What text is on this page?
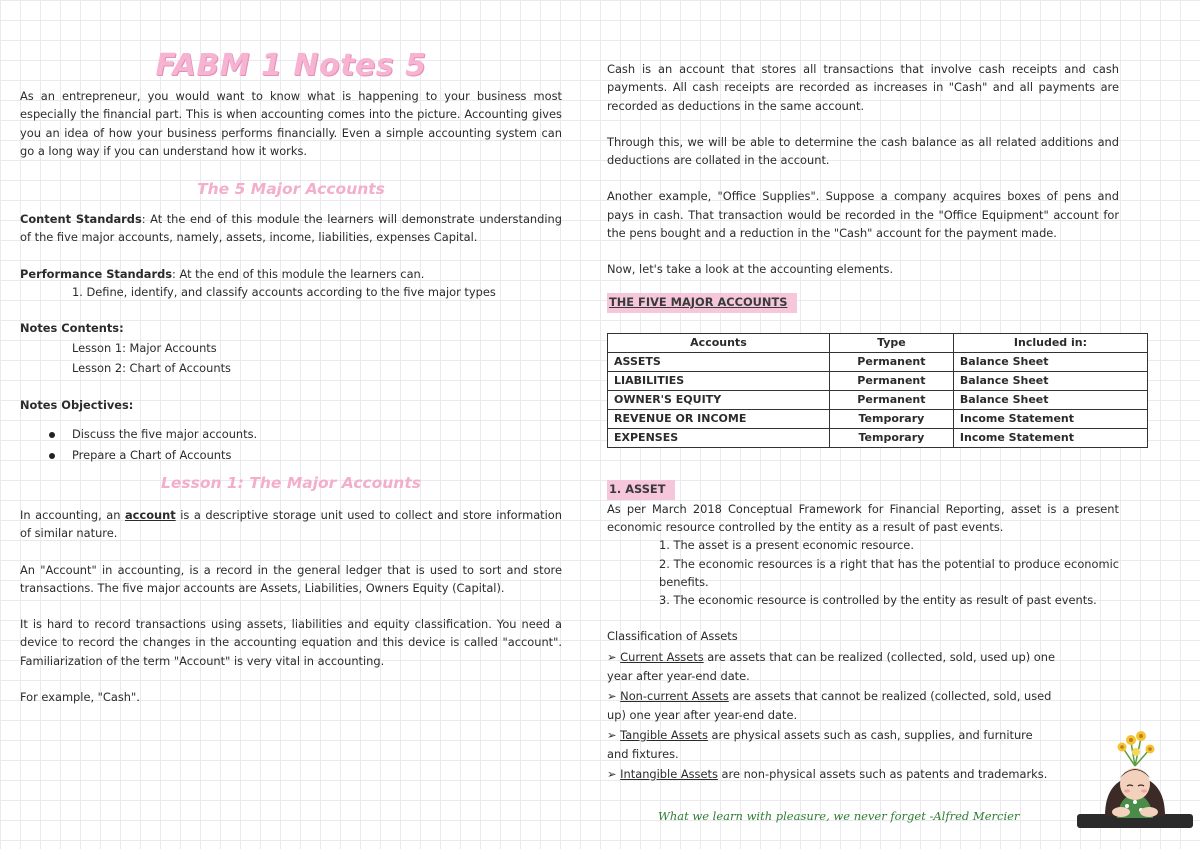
FABM 1 Notes 5

As an entrepreneur, you would want to know what is happening to your business most especially the financial part. This is when accounting comes into the picture. Accounting gives you an idea of how your business performs financially. Even a simple accounting system can go a long way if you can understand how it works.

The 5 Major Accounts

Content Standards: At the end of this module the learners will demonstrate understanding of the five major accounts, namely, assets, income, liabilities, expenses Capital.

Performance Standards: At the end of this module the learners can.

1. Define, identify, and classify accounts according to the five major types

Notes Contents:

Lesson 1: Major Accounts

Lesson 2: Chart of Accounts

Notes Objectives:

Discuss the five major accounts.
Prepare a Chart of Accounts

Lesson 1: The Major Accounts

In accounting, an account is a descriptive storage unit used to collect and store information of similar nature.

An "Account" in accounting, is a record in the general ledger that is used to sort and store transactions. The five major accounts are Assets, Liabilities, Owners Equity (Capital).

It is hard to record transactions using assets, liabilities and equity classification. You need a device to record the changes in the accounting equation and this device is called "account". Familiarization of the term "Account" is very vital in accounting.

For example, "Cash".

Cash is an account that stores all transactions that involve cash receipts and cash payments. All cash receipts are recorded as increases in "Cash" and all payments are recorded as deductions in the same account.

Through this, we will be able to determine the cash balance as all related additions and deductions are collated in the account.

Another example, "Office Supplies". Suppose a company acquires boxes of pens and pays in cash. That transaction would be recorded in the "Office Equipment" account for the pens bought and a reduction in the "Cash" account for the payment made.

Now, let's take a look at the accounting elements.

THE FIVE MAJOR ACCOUNTS
Accounts	Type	Included in:
ASSETS	Permanent	Balance Sheet
LIABILITIES	Permanent	Balance Sheet
OWNER'S EQUITY	Permanent	Balance Sheet
REVENUE OR INCOME	Temporary	Income Statement
EXPENSES	Temporary	Income Statement
1. ASSET

As per March 2018 Conceptual Framework for Financial Reporting, asset is a present economic resource controlled by the entity as a result of past events.

1. The asset is a present economic resource.

2. The economic resources is a right that has the potential to produce economic benefits.

3. The economic resource is controlled by the entity as result of past events.

Classification of Assets

➢ Current Assets are assets that can be realized (collected, sold, used up) one

year after year-end date.

➢ Non-current Assets are assets that cannot be realized (collected, sold, used

up) one year after year-end date.

➢ Tangible Assets are physical assets such as cash, supplies, and furniture

and fixtures.

➢ Intangible Assets are non-physical assets such as patents and trademarks.

What we learn with pleasure, we never forget -Alfred Mercier
